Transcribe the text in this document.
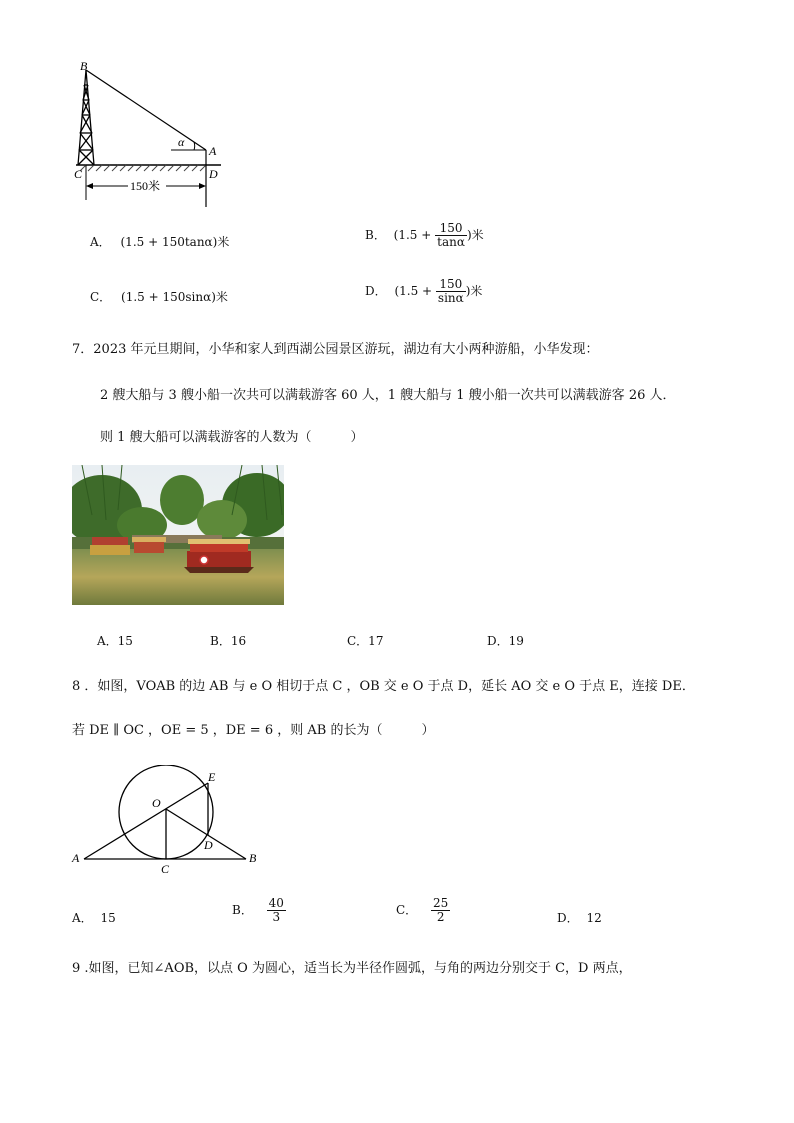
B
A
C	D
α
150米
A． (1.5 + 150tanα)米	B． ($1.5 + \frac{150}{\tan\alpha}$ )米
C． (1.5 + 150sinα)米	D． ($1.5 + \frac{150}{\sin\alpha}$ )米
7．2023 年元旦期间，小华和家人到西湖公园景区游玩，湖边有大小两种游船，小华发现：
2 艘大船与 3 艘小船一次共可以满载游客 60 人，1 艘大船与 1 艘小船一次共可以满载游客 26 人．
则 1 艘大船可以满载游客的人数为（　　　）
A．15	B．16	C．17	D．19
8 ．如图，VOAB 的边 AB 与 e O 相切于点 C ，OB 交 e O 于点 D，延长 AO 交 e O 于点 E，连接 DE．
若 DE ∥ OC ，OE = 5 ，DE = 6 ，则 AB 的长为（　　　）
E
O
D
A	B
C
A． 15
B． $\frac{40}{3}$	C． $\frac{25}{2}$	D． 12
9 .如图，已知∠AOB，以点 O 为圆心，适当长为半径作圆弧，与角的两边分别交于 C，D 两点，
